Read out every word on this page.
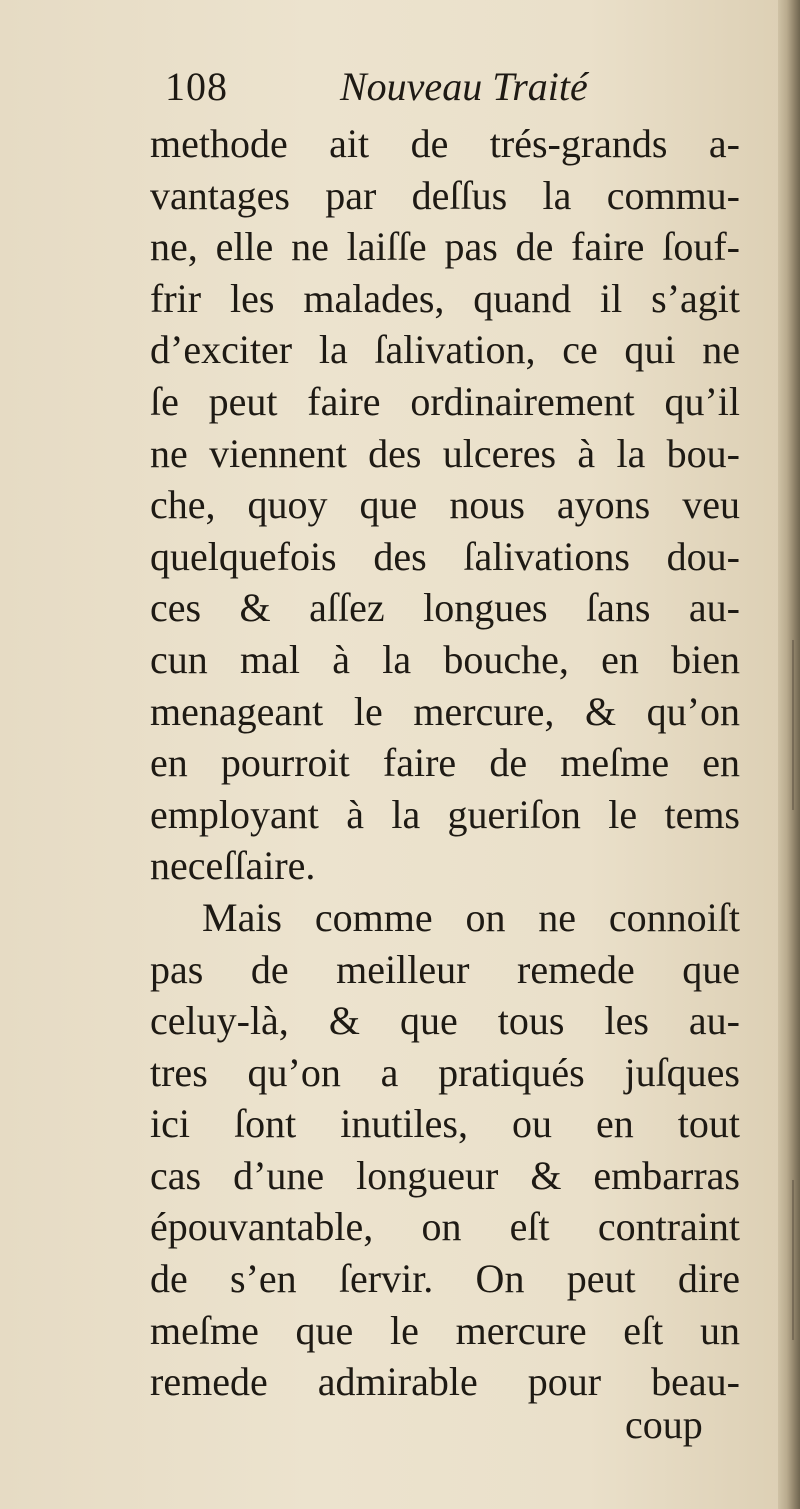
108	Nouveau Traité
methode ait de trés-grands a-
vantages par deſſus la commu-
ne, elle ne laiſſe pas de faire ſouf-
frir les malades, quand il s’agit
d’exciter la ſalivation, ce qui ne
ſe peut faire ordinairement qu’il
ne viennent des ulceres à la bou-
che, quoy que nous ayons veu
quelquefois des ſalivations dou-
ces & aſſez longues ſans au-
cun mal à la bouche, en bien
menageant le mercure, & qu’on
en pourroit faire de meſme en
employant à la gueriſon le tems
neceſſaire.
Mais comme on ne connoiſt
pas de meilleur remede que
celuy-là, & que tous les au-
tres qu’on a pratiqués juſques
ici ſont inutiles, ou en tout
cas d’une longueur & embarras
épouvantable, on eſt contraint
de s’en ſervir. On peut dire
meſme que le mercure eſt un
remede admirable pour beau-
coup
